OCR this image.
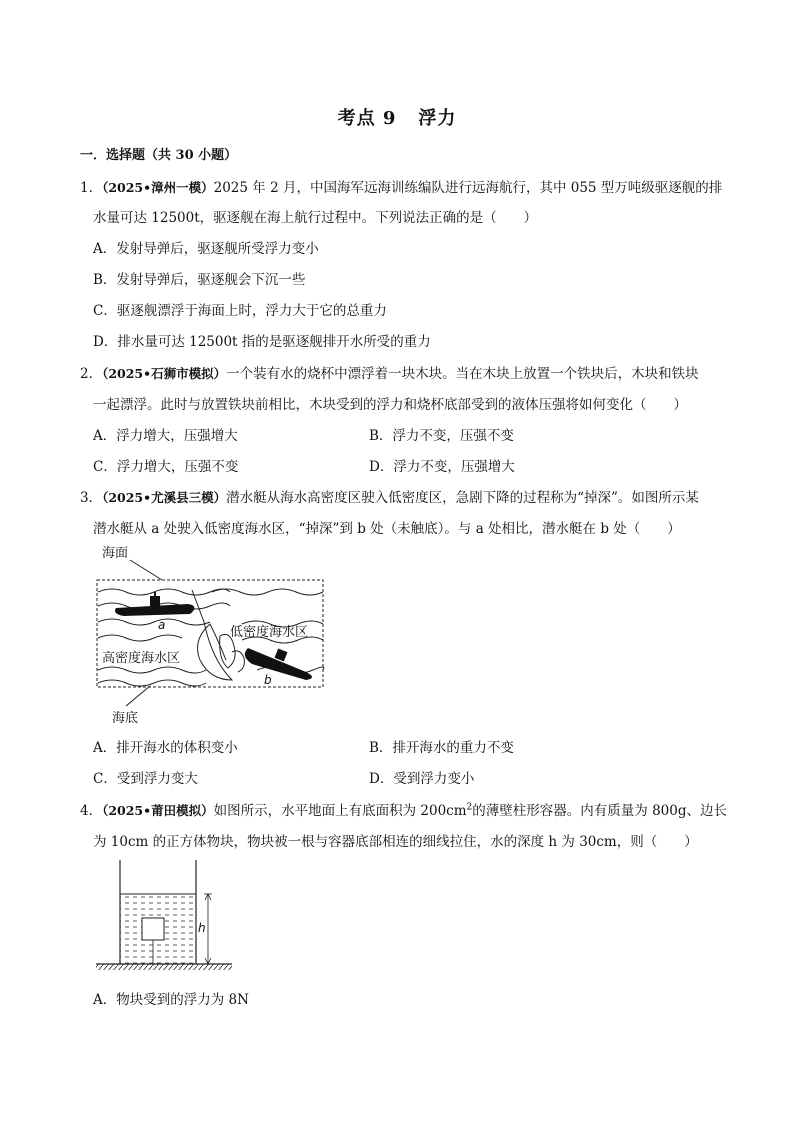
考点 9 浮力
一．选择题（共 30 小题）
1．（2025•漳州一模）2025 年 2 月，中国海军远海训练编队进行远海航行，其中 055 型万吨级驱逐舰的排
水量可达 12500t，驱逐舰在海上航行过程中。下列说法正确的是（　　）
A．发射导弹后，驱逐舰所受浮力变小
B．发射导弹后，驱逐舰会下沉一些
C．驱逐舰漂浮于海面上时，浮力大于它的总重力
D．排水量可达 12500t 指的是驱逐舰排开水所受的重力
2．（2025•石狮市模拟）一个装有水的烧杯中漂浮着一块木块。当在木块上放置一个铁块后，木块和铁块
一起漂浮。此时与放置铁块前相比，木块受到的浮力和烧杯底部受到的液体压强将如何变化（　　）
A．浮力增大，压强增大	B．浮力不变，压强不变
C．浮力增大，压强不变	D．浮力不变，压强增大
3．（2025•尤溪县三模）潜水艇从海水高密度区驶入低密度区，急剧下降的过程称为“掉深”。如图所示某
潜水艇从 a 处驶入低密度海水区，“掉深”到 b 处（未触底）。与 a 处相比，潜水艇在 b 处（　　）
海面
低密度海水区
高密度海水区
a
b
海底
A．排开海水的体积变小	B．排开海水的重力不变
C．受到浮力变大	D．受到浮力变小
4．（2025•莆田模拟）如图所示，水平地面上有底面积为 $200cm^2$的薄壁柱形容器。内有质量为 800g、边长
为 10cm 的正方体物块，物块被一根与容器底部相连的细线拉住，水的深度 h 为 30cm，则（　　）
h
A．物块受到的浮力为 8N
